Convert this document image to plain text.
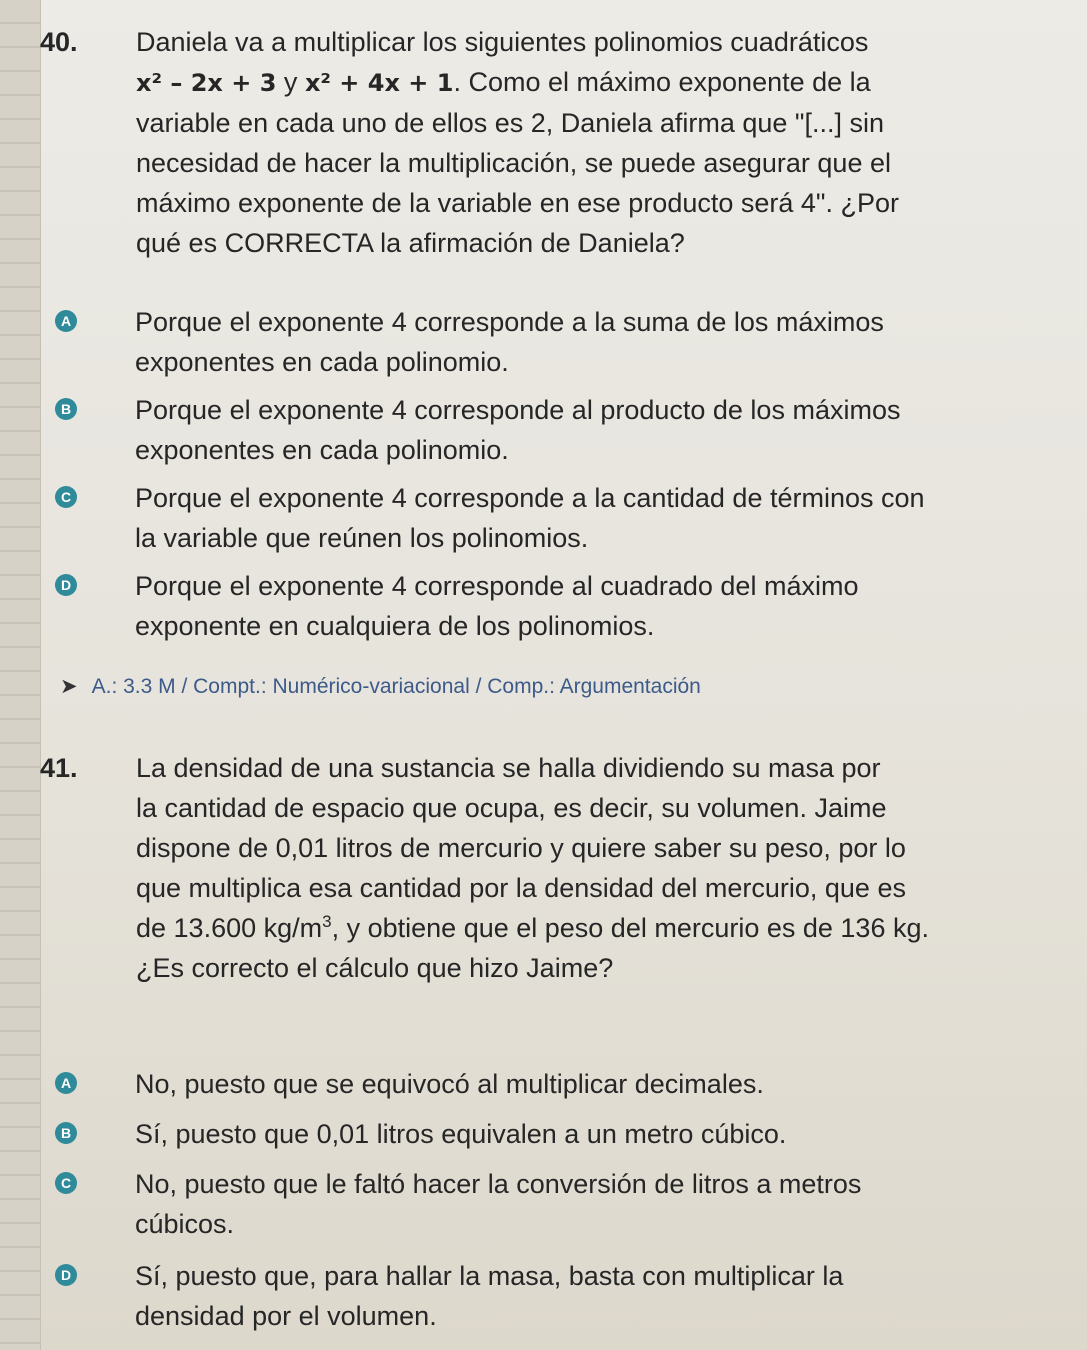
40.	Daniela va a multiplicar los siguientes polinomios cuadráticos
x² – 2x + 3 y x² + 4x + 1. Como el máximo exponente de la
variable en cada uno de ellos es 2, Daniela afirma que "[...] sin
necesidad de hacer la multiplicación, se puede asegurar que el
máximo exponente de la variable en ese producto será 4". ¿Por
qué es CORRECTA la afirmación de Daniela?
A Porque el exponente 4 corresponde a la suma de los máximos
exponentes en cada polinomio.
B Porque el exponente 4 corresponde al producto de los máximos
exponentes en cada polinomio.
C Porque el exponente 4 corresponde a la cantidad de términos con
la variable que reúnen los polinomios.
D Porque el exponente 4 corresponde al cuadrado del máximo
exponente en cualquiera de los polinomios.
➤ A.: 3.3 M / Compt.: Numérico-variacional / Comp.: Argumentación
41.	La densidad de una sustancia se halla dividiendo su masa por
la cantidad de espacio que ocupa, es decir, su volumen. Jaime
dispone de 0,01 litros de mercurio y quiere saber su peso, por lo
que multiplica esa cantidad por la densidad del mercurio, que es
de 13.600 $kg/m^3$, y obtiene que el peso del mercurio es de 136 kg.
¿Es correcto el cálculo que hizo Jaime?
A No, puesto que se equivocó al multiplicar decimales.
B Sí, puesto que 0,01 litros equivalen a un metro cúbico.
C No, puesto que le faltó hacer la conversión de litros a metros
cúbicos.
D Sí, puesto que, para hallar la masa, basta con multiplicar la
densidad por el volumen.
